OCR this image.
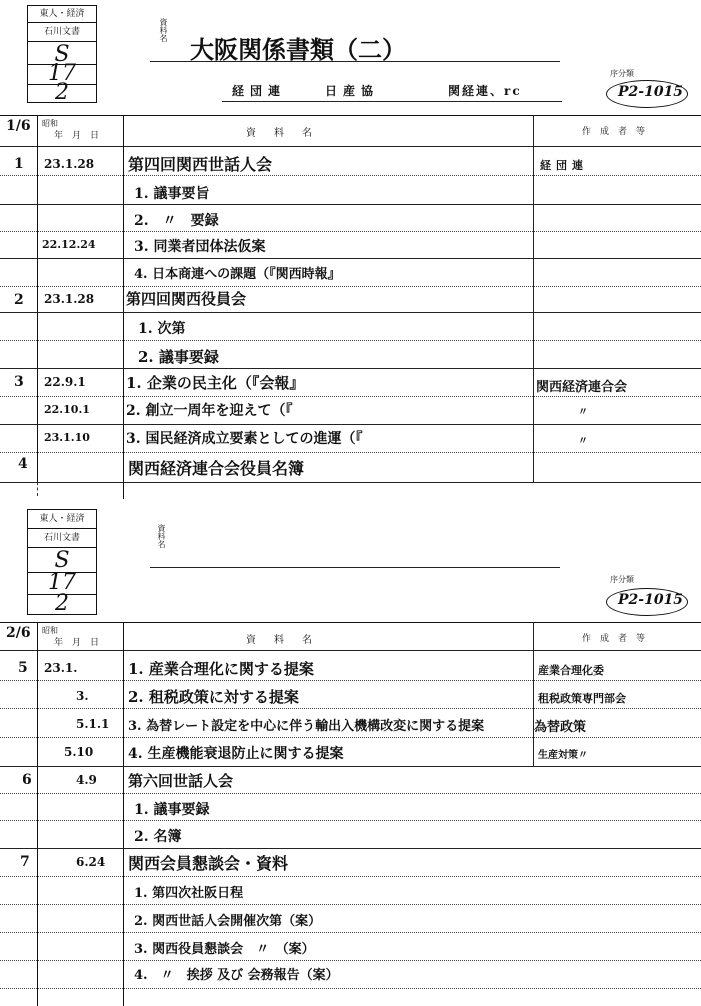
東人・経済
石川文書
S
17
2
資料名
大阪関係書類（二）
経団連	日産協	関経連、rc
序分類
P2-1015
1/6 昭和
年　月　日	資　料　名	作　成　者　等
1 23.1.28 第四回関西世話人会	経団連
1. 議事要旨
2.　〃　要録
22.12.24	3. 同業者団体法仮案
4. 日本商連への課題（『関西時報』
2 23.1.28 第四回関西役員会
1. 次第
2. 議事要録
3 22.9.1	1. 企業の民主化（『会報』	関西経済連合会
22.10.1	2. 創立一周年を迎えて（『	〃
23.1.10	3. 国民経済成立要素としての進運（『	〃
4	関西経済連合会役員名簿
東人・経済
石川文書
S
17
2
資料名
序分類
P2-1015
2/6 昭和
年　月　日	資　料　名	作　成　者　等
5 23.1.	1. 産業合理化に関する提案	産業合理化委
3.	2. 租税政策に対する提案	租税政策専門部会
5.1.1 3. 為替レート設定を中心に伴う輸出入機構改変に関する提案	為替政策
5.10 4. 生産機能衰退防止に関する提案	生産対策〃
6	4.9 第六回世話人会
1. 議事要録
2. 名簿
7	6.24 関西会員懇談会・資料
1. 第四次社阪日程
2. 関西世話人会開催次第（案）
3. 関西役員懇談会　〃　（案）
4.　〃　挨拶 及び 会務報告（案）
